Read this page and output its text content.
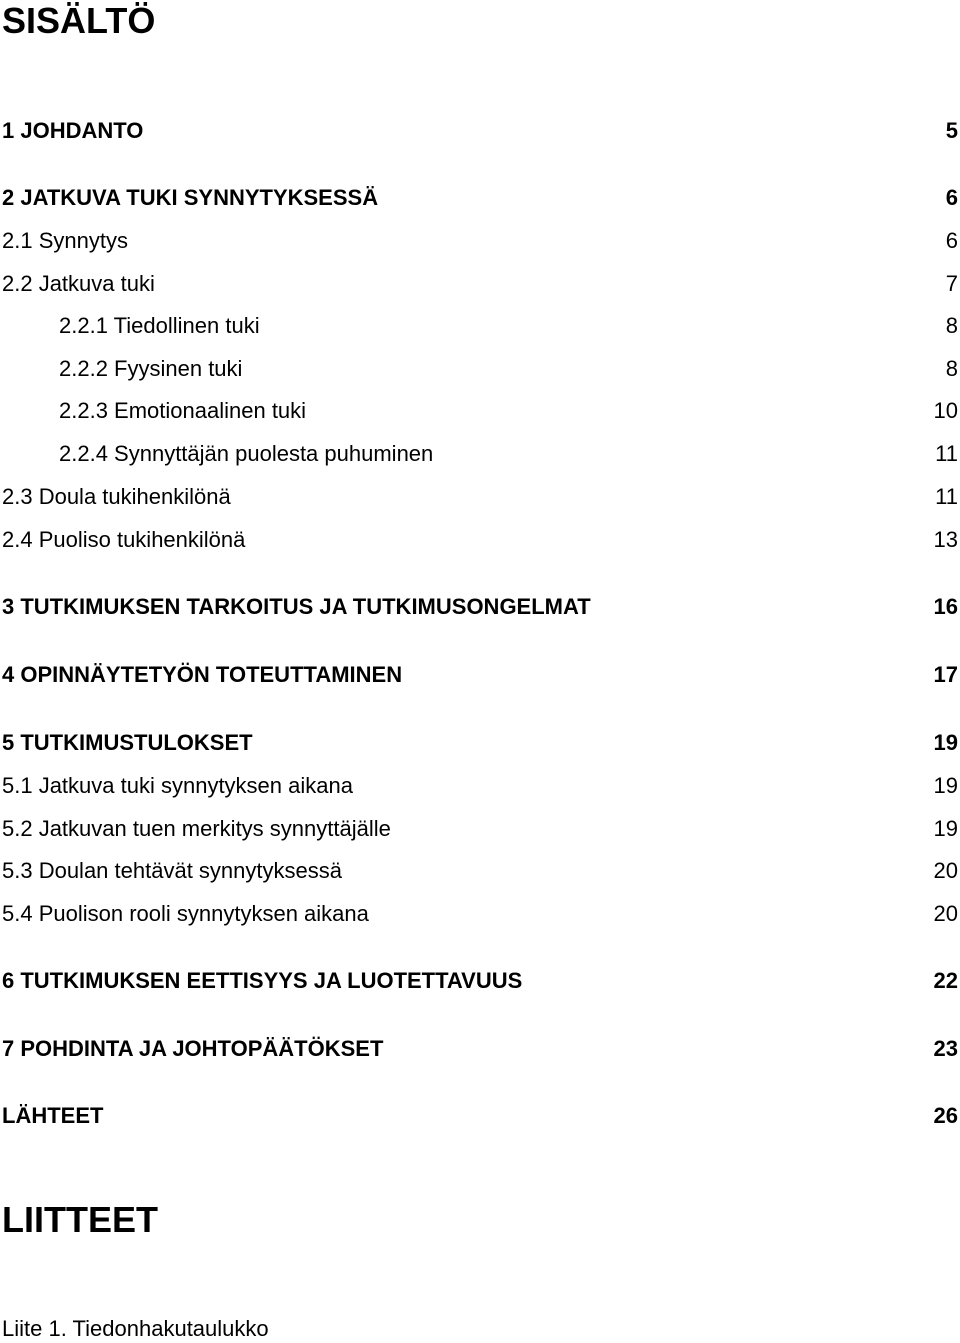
SISÄLTÖ
1 JOHDANTO	5
2 JATKUVA TUKI SYNNYTYKSESSÄ	6
2.1 Synnytys	6
2.2 Jatkuva tuki	7
2.2.1 Tiedollinen tuki	8
2.2.2 Fyysinen tuki	8
2.2.3 Emotionaalinen tuki	10
2.2.4 Synnyttäjän puolesta puhuminen	11
2.3 Doula tukihenkilönä	11
2.4 Puoliso tukihenkilönä	13
3 TUTKIMUKSEN TARKOITUS JA TUTKIMUSONGELMAT	16
4 OPINNÄYTETYÖN TOTEUTTAMINEN	17
5 TUTKIMUSTULOKSET	19
5.1 Jatkuva tuki synnytyksen aikana	19
5.2 Jatkuvan tuen merkitys synnyttäjälle	19
5.3 Doulan tehtävät synnytyksessä	20
5.4 Puolison rooli synnytyksen aikana	20
6 TUTKIMUKSEN EETTISYYS JA LUOTETTAVUUS	22
7 POHDINTA JA JOHTOPÄÄTÖKSET	23
LÄHTEET	26
LIITTEET
Liite 1. Tiedonhakutaulukko
